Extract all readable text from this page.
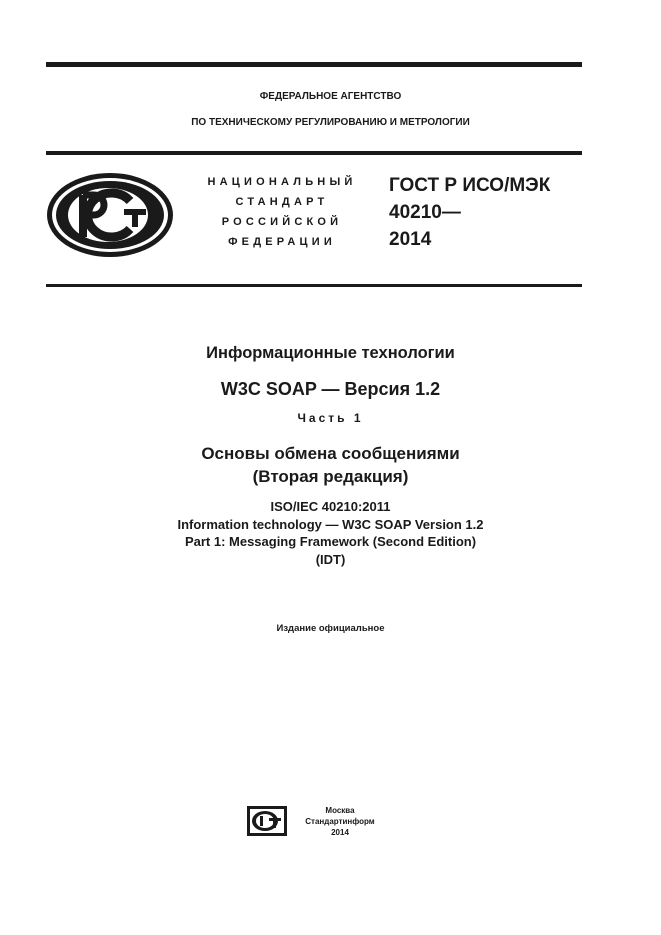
ФЕДЕРАЛЬНОЕ АГЕНТСТВО
ПО ТЕХНИЧЕСКОМУ РЕГУЛИРОВАНИЮ И МЕТРОЛОГИИ
НАЦИОНАЛЬНЫЙ
СТАНДАРТ
РОССИЙСКОЙ
ФЕДЕРАЦИИ
ГОСТ Р ИСО/МЭК
40210—
2014
Информационные технологии
W3C SOAP — Версия 1.2
Часть 1
Основы обмена сообщениями
(Вторая редакция)
ISO/IEC 40210:2011
Information technology — W3C SOAP Version 1.2
Part 1: Messaging Framework (Second Edition)
(IDT)
Издание официальное
Москва
Стандартинформ
2014
